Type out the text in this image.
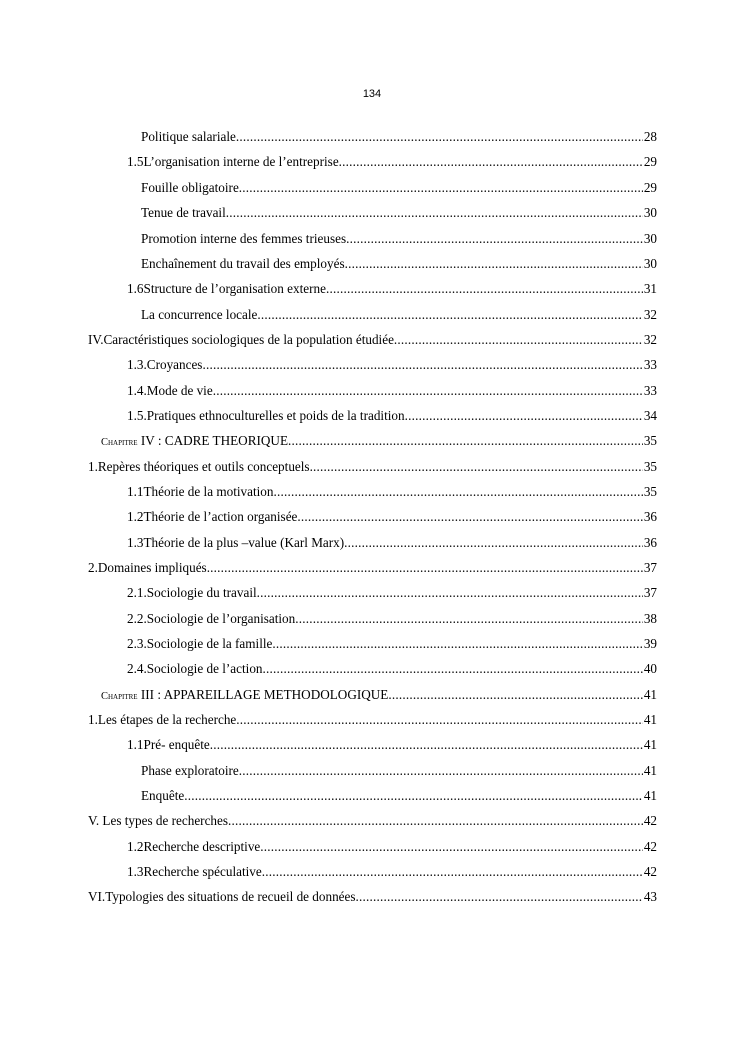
134
Politique salariale .....	28
1.5 L’organisation interne de l’entreprise .....	29
Fouille obligatoire .....	29
Tenue de travail .....	30
Promotion interne des femmes trieuses .....	30
Enchaînement du travail des employés .....	30
1.6 Structure de l’organisation externe .....	31
La concurrence locale .....	32
IV.Caractéristiques sociologiques de la population étudiée .....	32
1.3. Croyances .....	33
1.4. Mode de vie .....	33
1.5. Pratiques ethnoculturelles et poids de la tradition .....	34
Chapitre IV : CADRE THEORIQUE .....	35
1. Repères théoriques et outils conceptuels .....	35
1.1 Théorie de la motivation .....	35
1.2 Théorie de l’action organisée .....	36
1.3 Théorie de la plus –value (Karl Marx) .....	36
2. Domaines impliqués .....	37
2.1. Sociologie du travail .....	37
2.2. Sociologie de l’organisation .....	38
2.3. Sociologie de la famille .....	39
2.4. Sociologie de l’action .....	40
Chapitre III : APPAREILLAGE METHODOLOGIQUE .....	41
1. Les étapes de la recherche .....	41
1.1 Pré- enquête .....	41
Phase exploratoire .....	41
Enquête .....	41
V. Les types de recherches .....	42
1.2 Recherche descriptive .....	42
1.3 Recherche spéculative .....	42
VI.Typologies des situations de recueil de données .....	43
